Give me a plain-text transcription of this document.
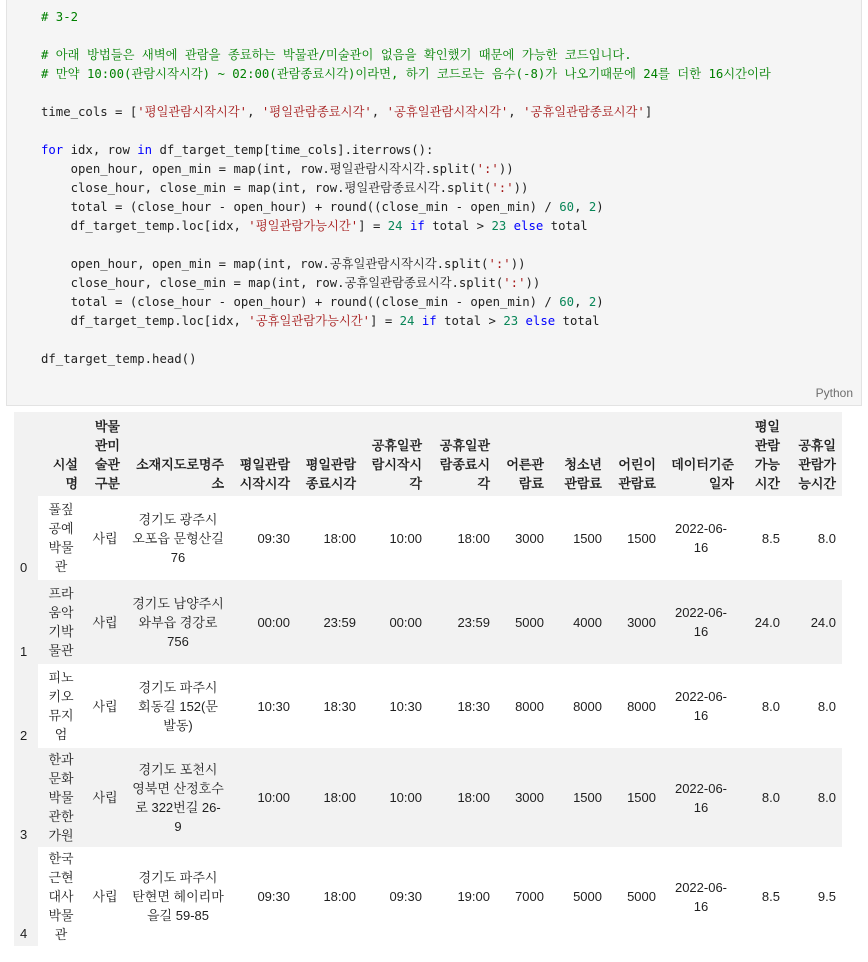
# 3-2
# 아래 방법들은 새벽에 관람을 종료하는 박물관/미술관이 없음을 확인했기 때문에 가능한 코드입니다.
# 만약 10:00(관람시작시각) ~ 02:00(관람종료시각)이라면, 하기 코드로는 음수(-8)가 나오기때문에 24를 더한 16시간이라
time_cols = ['평일관람시작시각', '평일관람종료시각', '공휴일관람시작시각', '공휴일관람종료시각']
for idx, row in df_target_temp[time_cols].iterrows():
open_hour, open_min = map(int, row.평일관람시작시각.split(':'))
close_hour, close_min = map(int, row.평일관람종료시각.split(':'))
total = (close_hour - open_hour) + round((close_min - open_min) / 60, 2)
df_target_temp.loc[idx, '평일관람가능시간'] = 24 if total > 23 else total
open_hour, open_min = map(int, row.공휴일관람시작시각.split(':'))
close_hour, close_min = map(int, row.공휴일관람종료시각.split(':'))
total = (close_hour - open_hour) + round((close_min - open_min) / 60, 2)
df_target_temp.loc[idx, '공휴일관람가능시간'] = 24 if total > 23 else total
df_target_temp.head()
Python
	시설명	박물관미술관구분	소재지도로명주소	평일관람시작시각	평일관람종료시각	공휴일관람시작시각	공휴일관람종료시각	어른관람료	청소년관람료	어린이관람료	데이터기준일자	평일관람가능시간	공휴일관람가능시간
0	풀짚공예박물관	사립	경기도 광주시 오포읍 문형산길 76	09:30	18:00	10:00	18:00	3000	1500	1500	2022-06-16	8.5	8.0
1	프라움악기박물관	사립	경기도 남양주시 와부읍 경강로 756	00:00	23:59	00:00	23:59	5000	4000	3000	2022-06-16	24.0	24.0
2	피노키오뮤지엄	사립	경기도 파주시 회동길 152(문발동)	10:30	18:30	10:30	18:30	8000	8000	8000	2022-06-16	8.0	8.0
3	한과문화박물관한가원	사립	경기도 포천시 영북면 산정호수로 322번길 26-9	10:00	18:00	10:00	18:00	3000	1500	1500	2022-06-16	8.0	8.0
4	한국근현대사박물관	사립	경기도 파주시 탄현면 헤이리마을길 59-85	09:30	18:00	09:30	19:00	7000	5000	5000	2022-06-16	8.5	9.5
